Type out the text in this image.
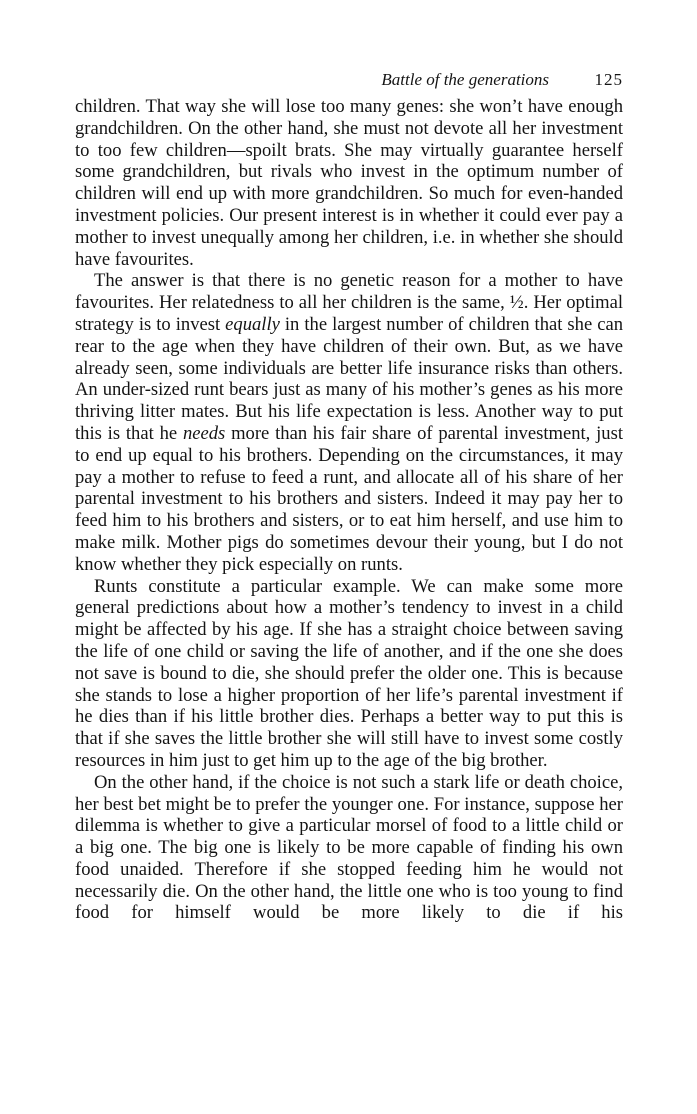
Battle of the generations	125

children. That way she will lose too many genes: she won’t have enough grandchildren. On the other hand, she must not devote all her investment to too few children—spoilt brats. She may virtually guarantee herself some grandchildren, but rivals who invest in the optimum number of children will end up with more grandchildren. So much for even-handed investment policies. Our present interest is in whether it could ever pay a mother to invest unequally among her children, i.e. in whether she should have favourites.

The answer is that there is no genetic reason for a mother to have favourites. Her relatedness to all her children is the same, ½. Her optimal strategy is to invest equally in the largest number of children that she can rear to the age when they have children of their own. But, as we have already seen, some individuals are better life insurance risks than others. An under-sized runt bears just as many of his mother’s genes as his more thriving litter mates. But his life expectation is less. Another way to put this is that he needs more than his fair share of parental investment, just to end up equal to his brothers. Depending on the circumstances, it may pay a mother to refuse to feed a runt, and allocate all of his share of her parental investment to his brothers and sisters. Indeed it may pay her to feed him to his brothers and sisters, or to eat him herself, and use him to make milk. Mother pigs do sometimes devour their young, but I do not know whether they pick especially on runts.

Runts constitute a particular example. We can make some more general predictions about how a mother’s tendency to invest in a child might be affected by his age. If she has a straight choice between saving the life of one child or saving the life of another, and if the one she does not save is bound to die, she should prefer the older one. This is because she stands to lose a higher proportion of her life’s parental investment if he dies than if his little brother dies. Perhaps a better way to put this is that if she saves the little brother she will still have to invest some costly resources in him just to get him up to the age of the big brother.

On the other hand, if the choice is not such a stark life or death choice, her best bet might be to prefer the younger one. For instance, suppose her dilemma is whether to give a particular morsel of food to a little child or a big one. The big one is likely to be more capable of finding his own food unaided. Therefore if she stopped feeding him he would not necessarily die. On the other hand, the little one who is too young to find food for himself would be more likely to die if his
